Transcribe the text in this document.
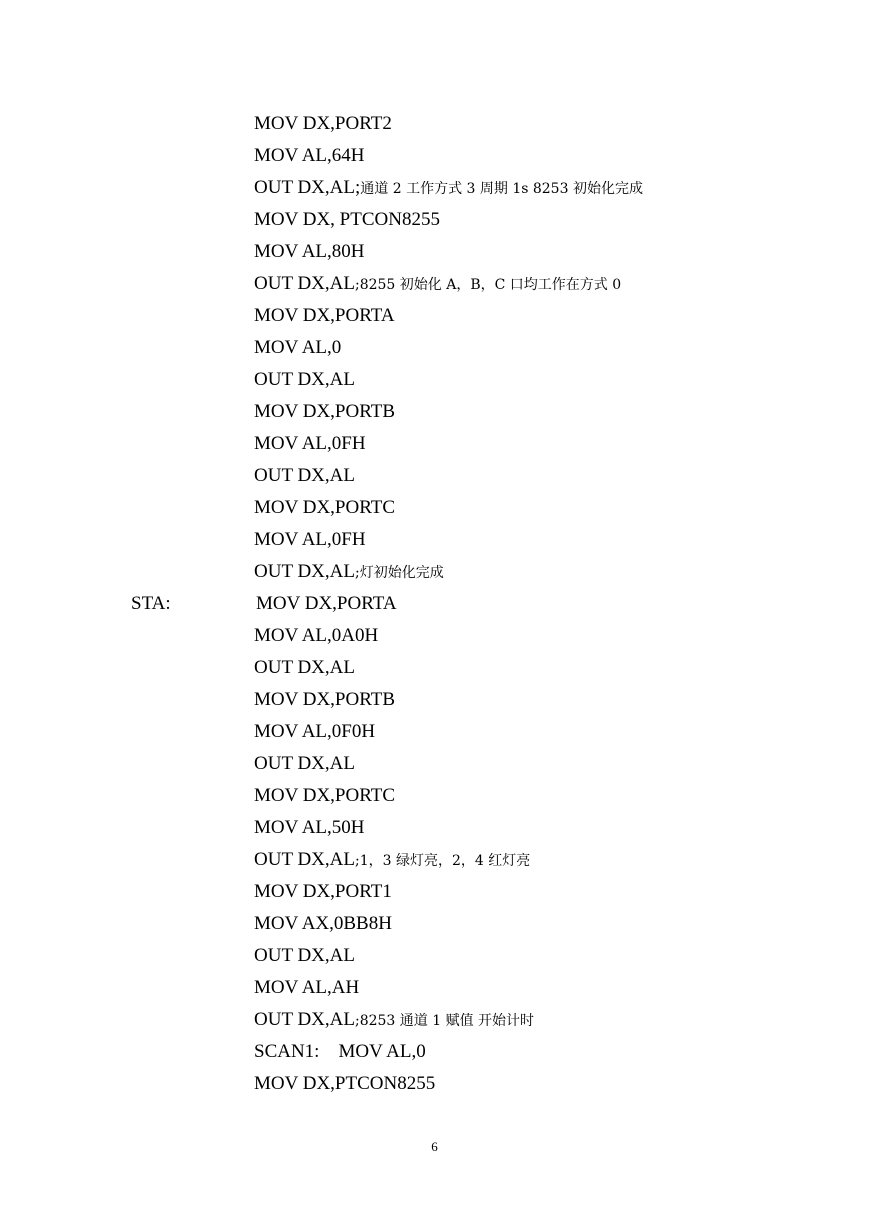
MOV DX,PORT2
MOV AL,64H
OUT DX,AL;通道 2 工作方式 3 周期 1s 8253 初始化完成
MOV DX, PTCON8255
MOV AL,80H
OUT DX,AL;8255 初始化 A，B，C 口均工作在方式 0
MOV DX,PORTA
MOV AL,0
OUT DX,AL
MOV DX,PORTB
MOV AL,0FH
OUT DX,AL
MOV DX,PORTC
MOV AL,0FH
OUT DX,AL;灯初始化完成
STA:	MOV DX,PORTA
MOV AL,0A0H
OUT DX,AL
MOV DX,PORTB
MOV AL,0F0H
OUT DX,AL
MOV DX,PORTC
MOV AL,50H
OUT DX,AL;1，3 绿灯亮，2，4 红灯亮
MOV DX,PORT1
MOV AX,0BB8H
OUT DX,AL
MOV AL,AH
OUT DX,AL;8253 通道 1 赋值 开始计时
SCAN1:    MOV AL,0
MOV DX,PTCON8255
6
